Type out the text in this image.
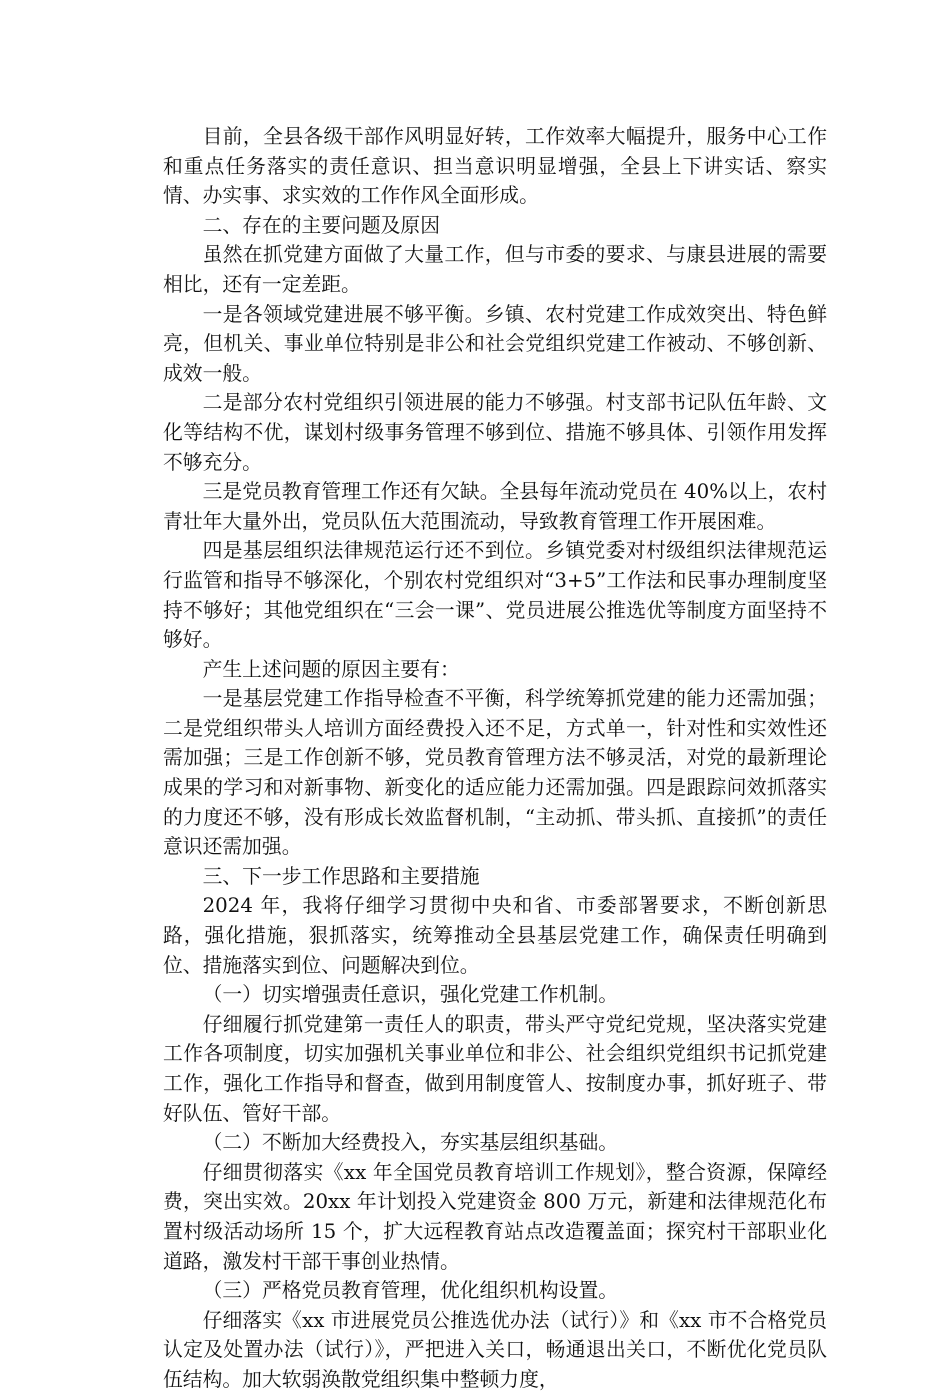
目前，全县各级干部作风明显好转，工作效率大幅提升，服务中心工作和重点任务落实的责任意识、担当意识明显增强，全县上下讲实话、察实情、办实事、求实效的工作作风全面形成。

二、存在的主要问题及原因

虽然在抓党建方面做了大量工作，但与市委的要求、与康县进展的需要相比，还有一定差距。

一是各领域党建进展不够平衡。乡镇、农村党建工作成效突出、特色鲜亮，但机关、事业单位特别是非公和社会党组织党建工作被动、不够创新、成效一般。

二是部分农村党组织引领进展的能力不够强。村支部书记队伍年龄、文化等结构不优，谋划村级事务管理不够到位、措施不够具体、引领作用发挥不够充分。

三是党员教育管理工作还有欠缺。全县每年流动党员在 40%以上，农村青壮年大量外出，党员队伍大范围流动，导致教育管理工作开展困难。

四是基层组织法律规范运行还不到位。乡镇党委对村级组织法律规范运行监管和指导不够深化，个别农村党组织对“3+5”工作法和民事办理制度坚持不够好；其他党组织在“三会一课”、党员进展公推选优等制度方面坚持不够好。

产生上述问题的原因主要有：

一是基层党建工作指导检查不平衡，科学统筹抓党建的能力还需加强；二是党组织带头人培训方面经费投入还不足，方式单一，针对性和实效性还需加强；三是工作创新不够，党员教育管理方法不够灵活，对党的最新理论成果的学习和对新事物、新变化的适应能力还需加强。四是跟踪问效抓落实的力度还不够，没有形成长效监督机制，“主动抓、带头抓、直接抓”的责任意识还需加强。

三、下一步工作思路和主要措施

2024 年，我将仔细学习贯彻中央和省、市委部署要求，不断创新思路，强化措施，狠抓落实，统筹推动全县基层党建工作，确保责任明确到位、措施落实到位、问题解决到位。

（一）切实增强责任意识，强化党建工作机制。

仔细履行抓党建第一责任人的职责，带头严守党纪党规，坚决落实党建工作各项制度，切实加强机关事业单位和非公、社会组织党组织书记抓党建工作，强化工作指导和督查，做到用制度管人、按制度办事，抓好班子、带好队伍、管好干部。

（二）不断加大经费投入，夯实基层组织基础。

仔细贯彻落实《xx 年全国党员教育培训工作规划》，整合资源，保障经费，突出实效。20xx 年计划投入党建资金 800 万元，新建和法律规范化布置村级活动场所 15 个，扩大远程教育站点改造覆盖面；探究村干部职业化道路，激发村干部干事创业热情。

（三）严格党员教育管理，优化组织机构设置。

仔细落实《xx 市进展党员公推选优办法（试行）》和《xx 市不合格党员认定及处置办法（试行）》，严把进入关口，畅通退出关口，不断优化党员队伍结构。加大软弱涣散党组织集中整顿力度，
